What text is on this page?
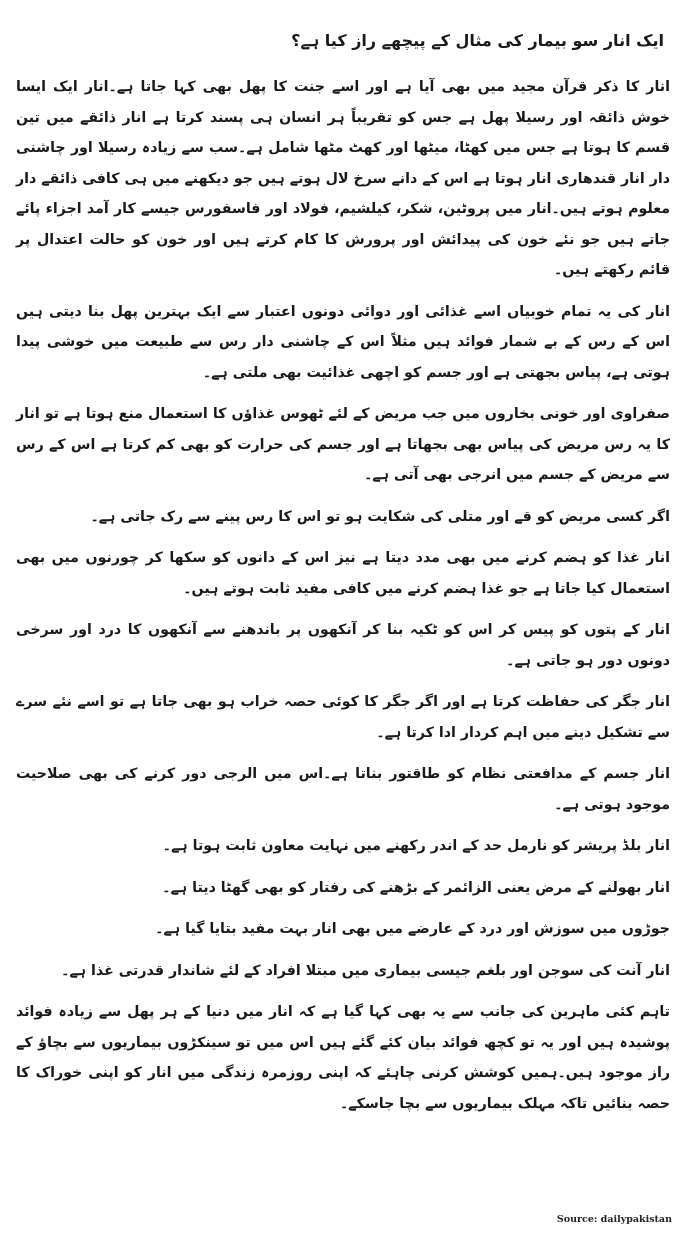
ایک انار سو بیمار کی مثال کے پیچھے راز کیا ہے؟

انار کا ذکر قرآن مجید میں بھی آیا ہے اور اسے جنت کا پھل بھی کہا جاتا ہے۔انار ایک ایسا خوش ذائقہ اور رسیلا پھل ہے جس کو تقریباً ہر انسان ہی پسند کرتا ہے انار ذائقے میں تین قسم کا ہوتا ہے جس میں کھٹا، میٹھا اور کھٹ مٹھا شامل ہے۔سب سے زیادہ رسیلا اور چاشنی دار انار قندھاری انار ہوتا ہے اس کے دانے سرخ لال ہوتے ہیں جو دیکھنے میں ہی کافی ذائقے دار معلوم ہوتے ہیں۔انار میں پروٹین، شکر، کیلشیم، فولاد اور فاسفورس جیسے کار آمد اجزاء پائے جاتے ہیں جو نئے خون کی پیدائش اور پرورش کا کام کرتے ہیں اور خون کو حالت اعتدال پر قائم رکھتے ہیں۔

انار کی یہ تمام خوبیاں اسے غذائی اور دوائی دونوں اعتبار سے ایک بہترین پھل بنا دیتی ہیں اس کے رس کے بے شمار فوائد ہیں مثلاً اس کے چاشنی دار رس سے طبیعت میں خوشی پیدا ہوتی ہے، پیاس بجھتی ہے اور جسم کو اچھی غذائیت بھی ملتی ہے۔

صفراوی اور خونی بخاروں میں جب مریض کے لئے ٹھوس غذاؤں کا استعمال منع ہوتا ہے تو انار کا یہ رس مریض کی پیاس بھی بجھاتا ہے اور جسم کی حرارت کو بھی کم کرتا ہے اس کے رس سے مریض کے جسم میں انرجی بھی آتی ہے۔

اگر کسی مریض کو قے اور متلی کی شکایت ہو تو اس کا رس پینے سے رک جاتی ہے۔

انار غذا کو ہضم کرنے میں بھی مدد دیتا ہے نیز اس کے دانوں کو سکھا کر چورنوں میں بھی استعمال کیا جاتا ہے جو غذا ہضم کرنے میں کافی مفید ثابت ہوتے ہیں۔

انار کے پتوں کو پیس کر اس کو ٹکیہ بنا کر آنکھوں پر باندھنے سے آنکھوں کا درد اور سرخی دونوں دور ہو جاتی ہے۔

انار جگر کی حفاظت کرتا ہے اور اگر جگر کا کوئی حصہ خراب ہو بھی جاتا ہے تو اسے نئے سرے سے تشکیل دینے میں اہم کردار ادا کرتا ہے۔

انار جسم کے مدافعتی نظام کو طاقتور بناتا ہے۔اس میں الرجی دور کرنے کی بھی صلاحیت موجود ہوتی ہے۔

انار بلڈ پریشر کو نارمل حد کے اندر رکھنے میں نہایت معاون ثابت ہوتا ہے۔

انار بھولنے کے مرض یعنی الزائمر کے بڑھنے کی رفتار کو بھی گھٹا دیتا ہے۔

جوڑوں میں سوزش اور درد کے عارضے میں بھی انار بہت مفید بتایا گیا ہے۔

انار آنت کی سوجن اور بلغم جیسی بیماری میں مبتلا افراد کے لئے شاندار قدرتی غذا ہے۔

تاہم کئی ماہرین کی جانب سے یہ بھی کہا گیا ہے کہ انار میں دنیا کے ہر پھل سے زیادہ فوائد پوشیدہ ہیں اور یہ تو کچھ فوائد بیان کئے گئے ہیں اس میں تو سینکڑوں بیماریوں سے بچاؤ کے راز موجود ہیں۔ہمیں کوشش کرنی چاہئے کہ اپنی روزمرہ زندگی میں انار کو اپنی خوراک کا حصہ بنائیں تاکہ مہلک بیماریوں سے بچا جاسکے۔

Source: dailypakistan
